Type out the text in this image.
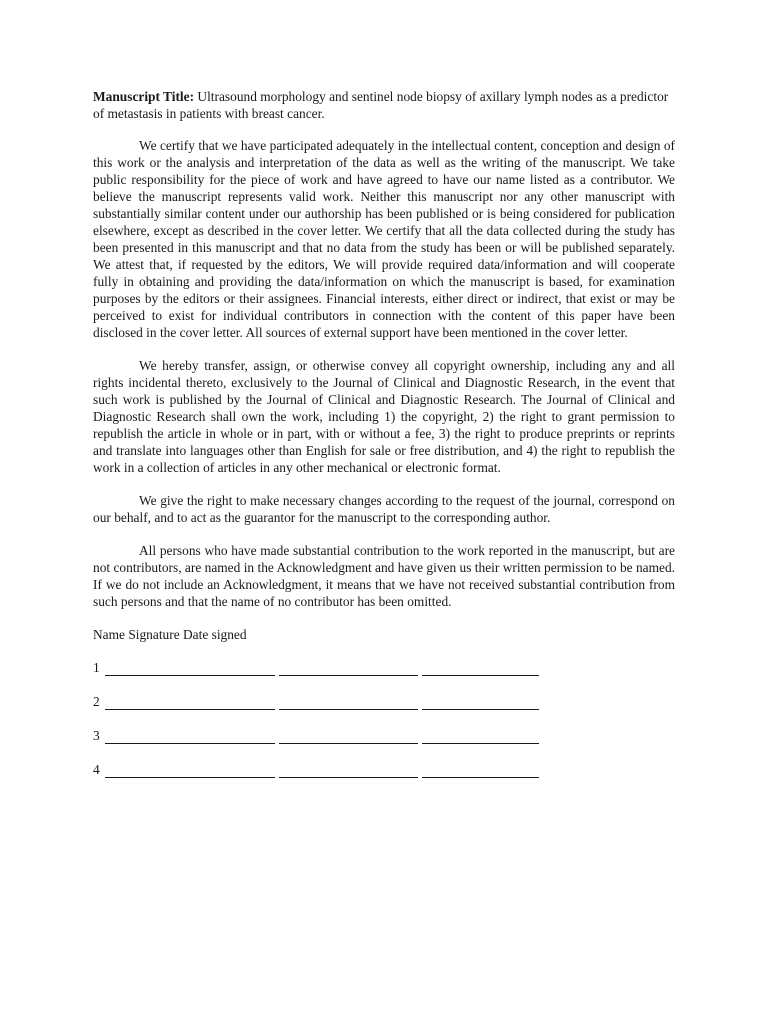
Manuscript Title: Ultrasound morphology and sentinel node biopsy of axillary lymph nodes as a predictor of metastasis in patients with breast cancer.

We certify that we have participated adequately in the intellectual content, conception and design of this work or the analysis and interpretation of the data as well as the writing of the manuscript. We take public responsibility for the piece of work and have agreed to have our name listed as a contributor. We believe the manuscript represents valid work. Neither this manuscript nor any other manuscript with substantially similar content under our authorship has been published or is being considered for publication elsewhere, except as described in the cover letter. We certify that all the data collected during the study has been presented in this manuscript and that no data from the study has been or will be published separately. We attest that, if requested by the editors, We will provide required data/information and will cooperate fully in obtaining and providing the data/information on which the manuscript is based, for examination purposes by the editors or their assignees. Financial interests, either direct or indirect, that exist or may be perceived to exist for individual contributors in connection with the content of this paper have been disclosed in the cover letter. All sources of external support have been mentioned in the cover letter.

We hereby transfer, assign, or otherwise convey all copyright ownership, including any and all rights incidental thereto, exclusively to the Journal of Clinical and Diagnostic Research, in the event that such work is published by the Journal of Clinical and Diagnostic Research. The Journal of Clinical and Diagnostic Research shall own the work, including 1) the copyright, 2) the right to grant permission to republish the article in whole or in part, with or without a fee, 3) the right to produce preprints or reprints and translate into languages other than English for sale or free distribution, and 4) the right to republish the work in a collection of articles in any other mechanical or electronic format.

We give the right to make necessary changes according to the request of the journal, correspond on our behalf, and to act as the guarantor for the manuscript to the corresponding author.

All persons who have made substantial contribution to the work reported in the manuscript, but are not contributors, are named in the Acknowledgment and have given us their written permission to be named. If we do not include an Acknowledgment, it means that we have not received substantial contribution from such persons and that the name of no contributor has been omitted.

Name Signature Date signed

1
2
3
4
